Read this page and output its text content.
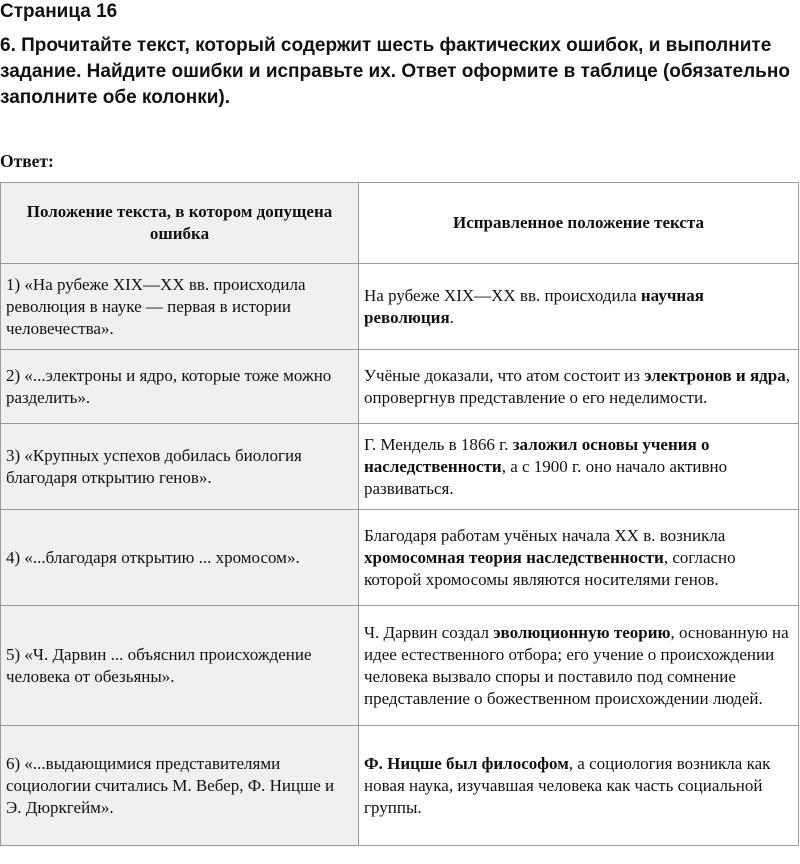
Страница 16
6. Прочитайте текст, который содержит шесть фактических ошибок, и выполните задание. Найдите ошибки и исправьте их. Ответ оформите в таблице (обязательно заполните обе колонки).
Ответ:
Положение текста, в котором допущена ошибка	Исправленное положение текста
1) «На рубеже XIX—XX вв. происходила революция в науке — первая в истории человечества».	На рубеже XIX—XX вв. происходила научная революция.
2) «...электроны и ядро, которые тоже можно разделить».	Учёные доказали, что атом состоит из электронов и ядра, опровергнув представление о его неделимости.
3) «Крупных успехов добилась биология благодаря открытию генов».	Г. Мендель в 1866 г. заложил основы учения о наследственности, а с 1900 г. оно начало активно развиваться.
4) «...благодаря открытию ... хромосом».	Благодаря работам учёных начала XX в. возникла хромосомная теория наследственности, согласно которой хромосомы являются носителями генов.
5) «Ч. Дарвин ... объяснил происхождение человека от обезьяны».	Ч. Дарвин создал эволюционную теорию, основанную на идее естественного отбора; его учение о происхождении человека вызвало споры и поставило под сомнение представление о божественном происхождении людей.
6) «...выдающимися представителями социологии считались М. Вебер, Ф. Ницше и Э. Дюркгейм».	Ф. Ницше был философом, а социология возникла как новая наука, изучавшая человека как часть социальной группы.
